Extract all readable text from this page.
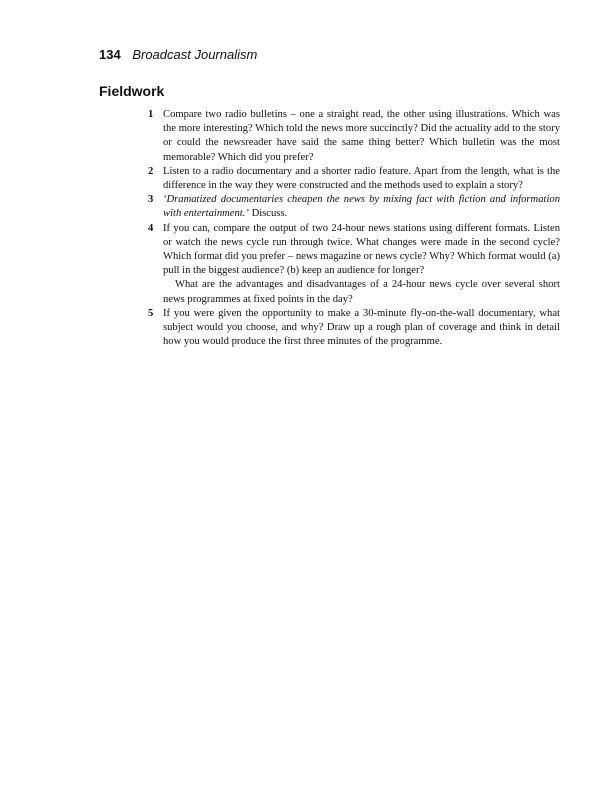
134 Broadcast Journalism
Fieldwork
1 Compare two radio bulletins – one a straight read, the other using illustrations. Which was the more interesting? Which told the news more succinctly? Did the actuality add to the story or could the newsreader have said the same thing better? Which bulletin was the most memorable? Which did you prefer?
2 Listen to a radio documentary and a shorter radio feature. Apart from the length, what is the difference in the way they were constructed and the methods used to explain a story?
3 ‘Dramatized documentaries cheapen the news by mixing fact with fiction and information with entertainment.’ Discuss.
4 If you can, compare the output of two 24-hour news stations using different formats. Listen or watch the news cycle run through twice. What changes were made in the second cycle? Which format did you prefer – news magazine or news cycle? Why? Which format would (a) pull in the biggest audience? (b) keep an audience for longer?
What are the advantages and disadvantages of a 24-hour news cycle over several short news programmes at fixed points in the day?
5 If you were given the opportunity to make a 30-minute fly-on-the-wall documentary, what subject would you choose, and why? Draw up a rough plan of coverage and think in detail how you would produce the first three minutes of the programme.
